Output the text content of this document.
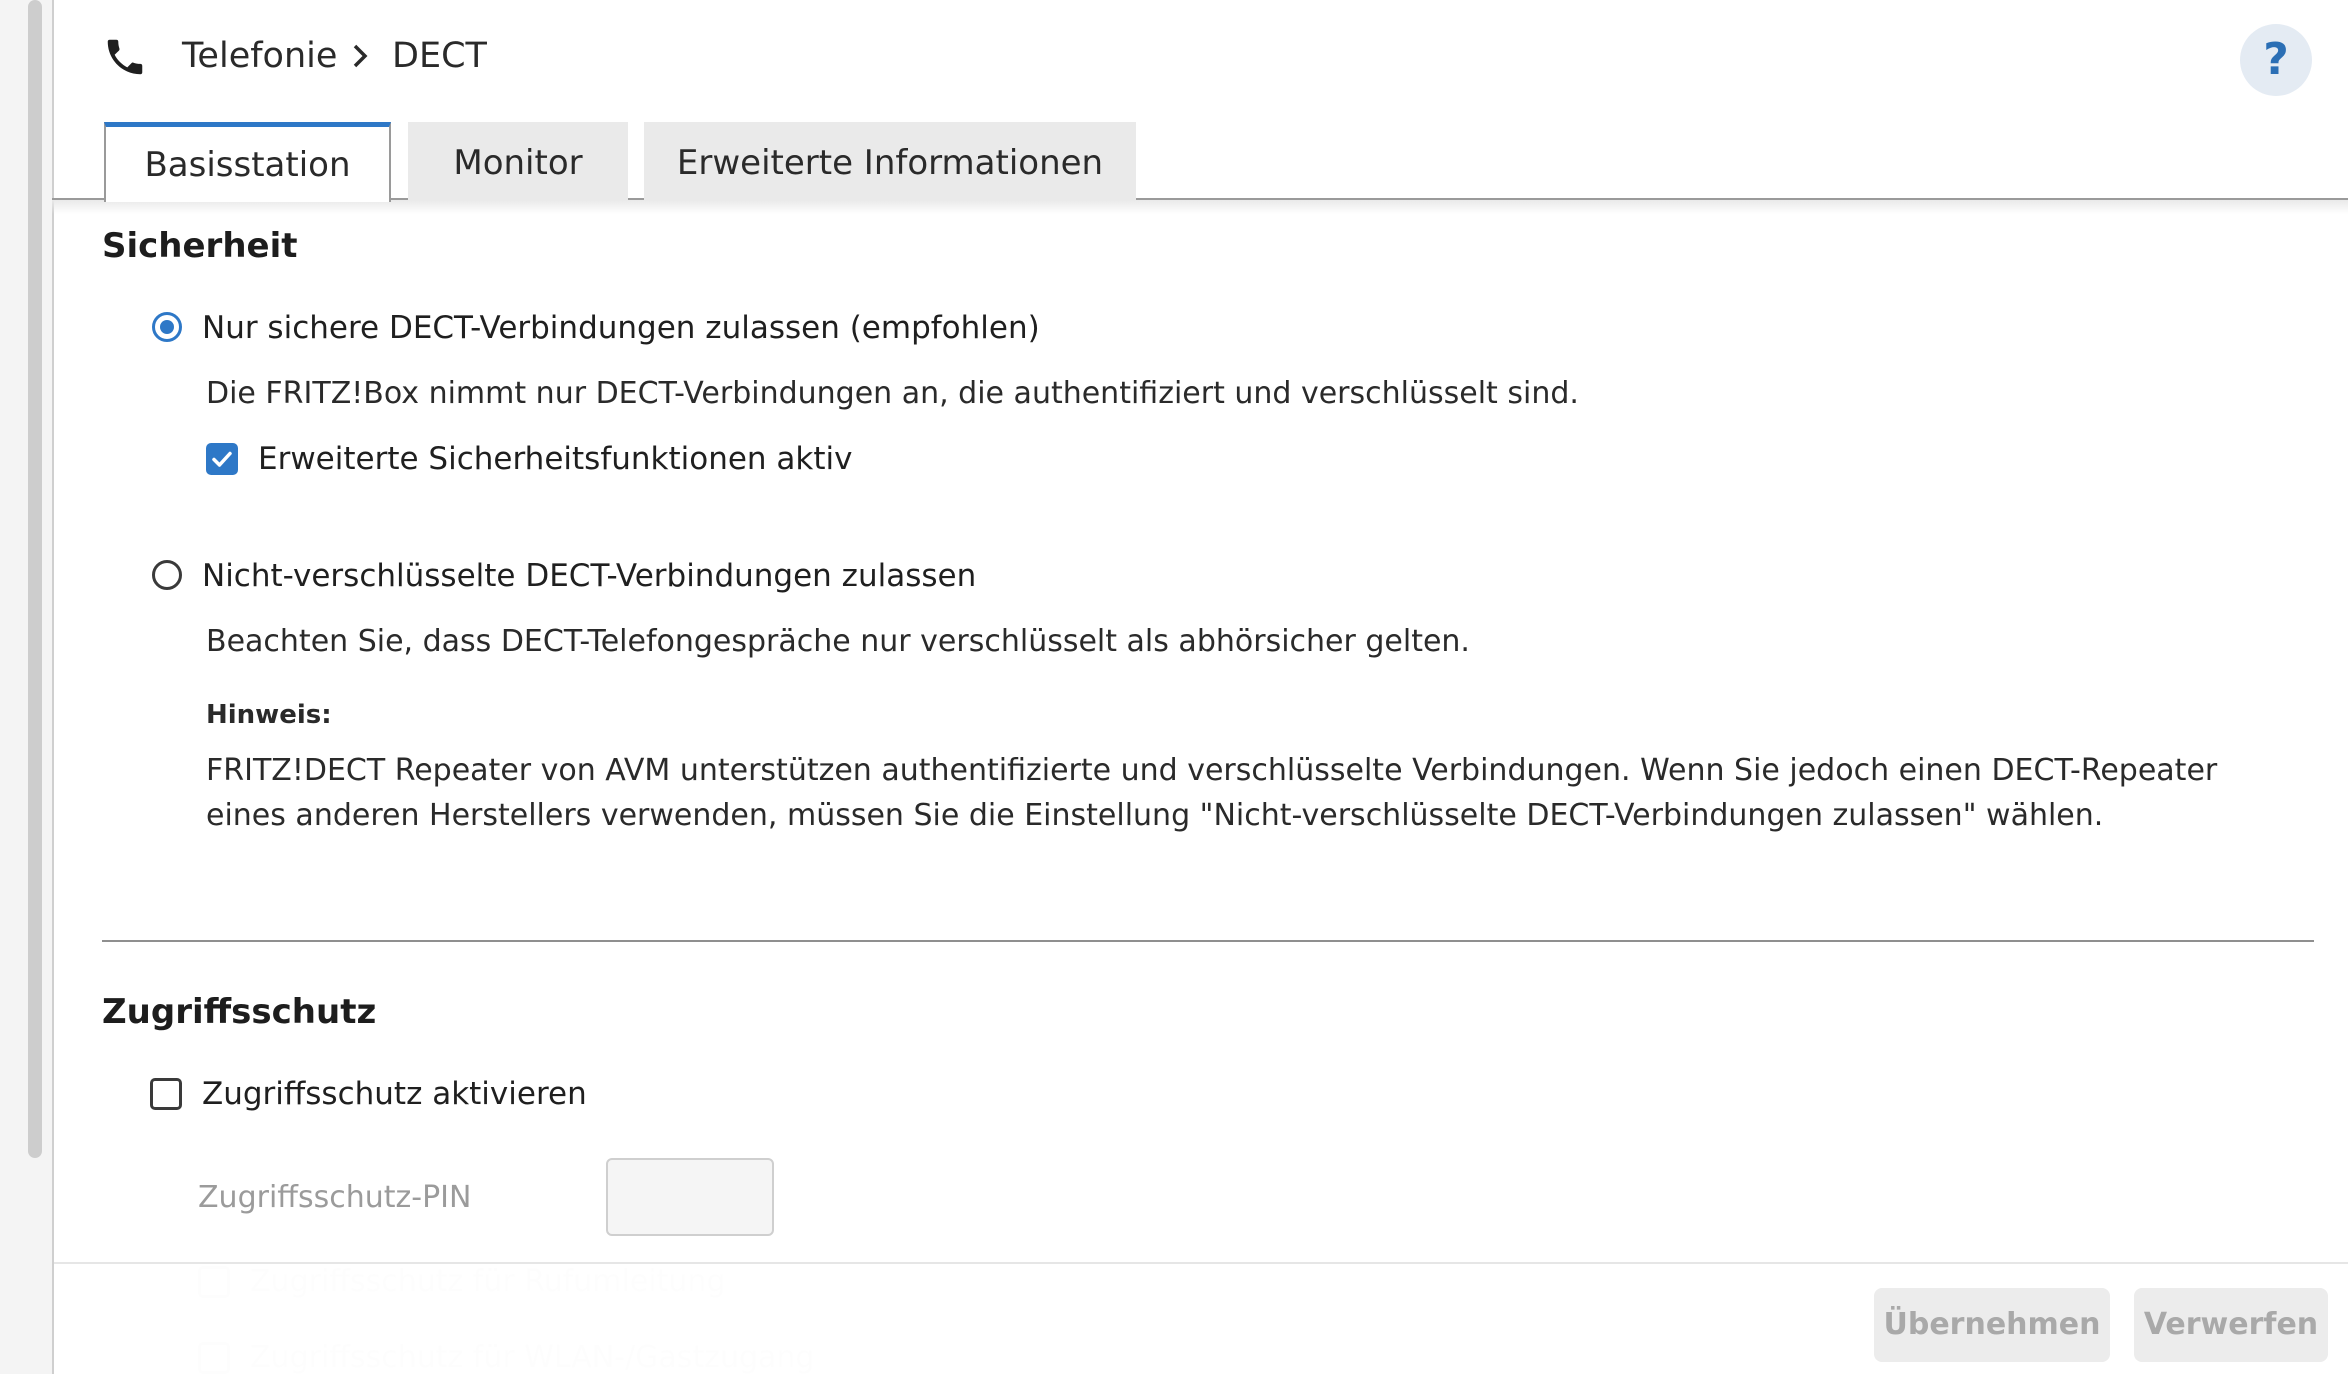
Telefonie DECT	?
Basisstation	Monitor	Erweiterte Informationen
Sicherheit
Nur sichere DECT-Verbindungen zulassen (empfohlen)
Die FRITZ!Box nimmt nur DECT-Verbindungen an, die authentifiziert und verschlüsselt sind.
Erweiterte Sicherheitsfunktionen aktiv
Nicht-verschlüsselte DECT-Verbindungen zulassen
Beachten Sie, dass DECT-Telefongespräche nur verschlüsselt als abhörsicher gelten.
Hinweis:
FRITZ!DECT Repeater von AVM unterstützen authentifizierte und verschlüsselte Verbindungen. Wenn Sie jedoch einen DECT-Repeater eines anderen Herstellers verwenden, müssen Sie die Einstellung "Nicht-verschlüsselte DECT-Verbindungen zulassen" wählen.
Zugriffsschutz
Zugriffsschutz aktivieren
Zugriffsschutz-PIN
Übernehmen	Verwerfen
